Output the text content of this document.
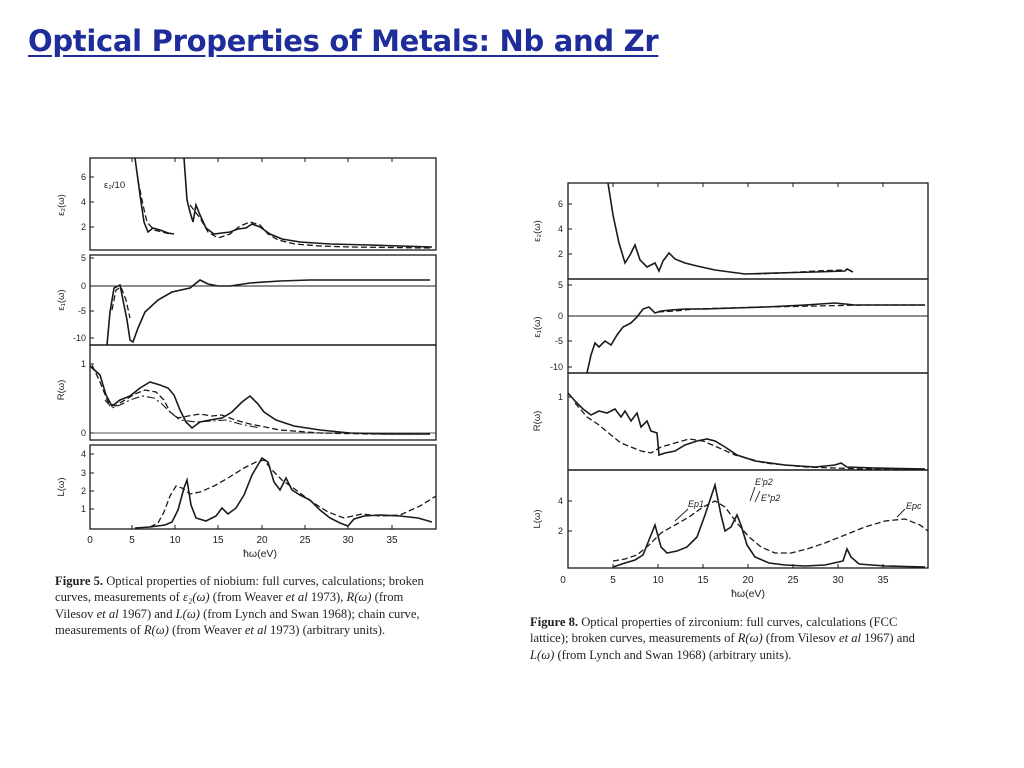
Optical Properties of Metals: Nb and Zr
6
4
2
5
0
-5
-10
1
0
4
3
2
1
ε₂(ω)
ε₁(ω)
R(ω)
L(ω)
ε₂/10
0	5	10	15	20	25	30	35
ħω(eV)
Figure 5. Optical properties of niobium: full curves, calculations; broken curves, measurements of ε₂(ω) (from Weaver et al 1973), R(ω) (from Vilesov et al 1967) and L(ω) (from Lynch and Swan 1968); chain curve, measurements of R(ω) (from Weaver et al 1973) (arbitrary units).
6
4
2
5
0
-5
-10
1
4
2
ε₂(ω)
ε₁(ω)
R(ω)
L(ω)
Ep1
E′p2
E″p2
Epc
0	5	10	15	20	25	30	35
ħω(eV)
Figure 8. Optical properties of zirconium: full curves, calculations (FCC lattice); broken curves, measurements of R(ω) (from Vilesov et al 1967) and L(ω) (from Lynch and Swan 1968) (arbitrary units).
